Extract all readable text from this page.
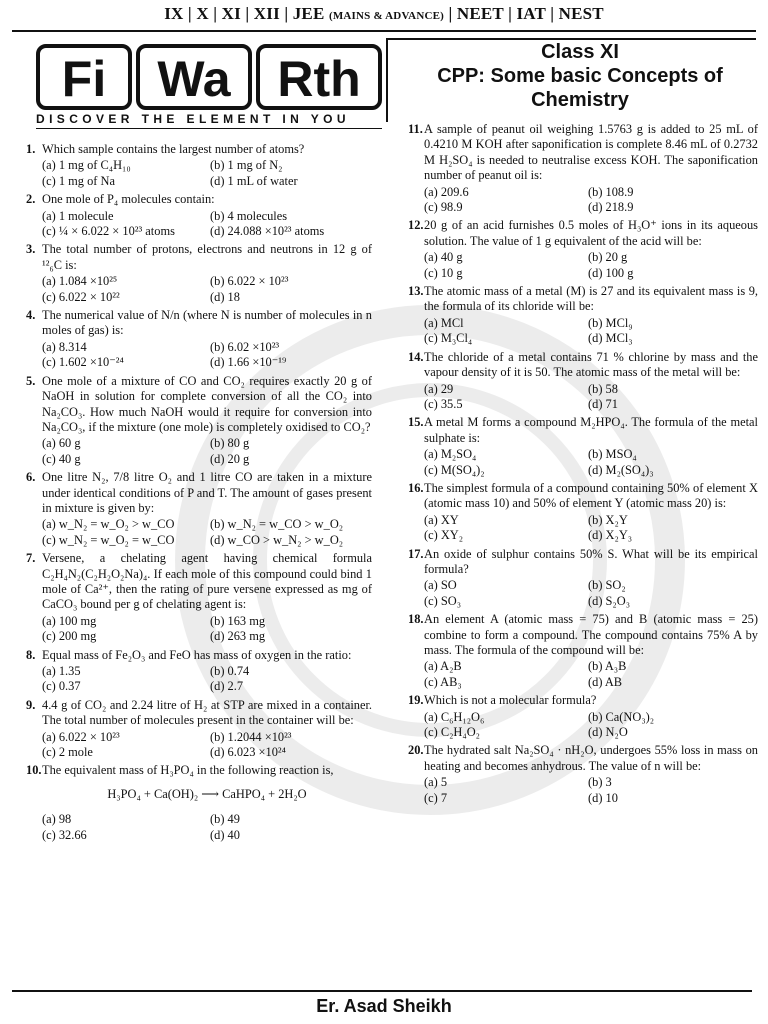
IX | X | XI | XII | JEE (MAINS & ADVANCE) | NEET | IAT | NEST
Fi Wa Rth
DISCOVER THE ELEMENT IN YOU
Class XI
CPP: Some basic Concepts of Chemistry
1. Which sample contains the largest number of atoms?
(a) 1 mg of C₄H₁₀	(b) 1 mg of N₂
(c) 1 mg of Na	(d) 1 mL of water
2. One mole of P₄ molecules contain:
(a) 1 molecule	(b) 4 molecules
(c) ¼ × 6.022 × 10²³ atoms	(d) 24.088 ×10²³ atoms
3. The total number of protons, electrons and neutrons in 12 g of ¹²₆C is:
(a) 1.084 ×10²⁵	(b) 6.022 × 10²³
(c) 6.022 × 10²²	(d) 18
4. The numerical value of N/n (where N is number of molecules in n moles of gas) is:
(a) 8.314	(b) 6.02 ×10²³
(c) 1.602 ×10⁻²⁴	(d) 1.66 ×10⁻¹⁹
5. One mole of a mixture of CO and CO₂ requires exactly 20 g of NaOH in solution for complete conversion of all the CO₂ into Na₂CO₃. How much NaOH would it require for conversion into Na₂CO₃, if the mixture (one mole) is completely oxidised to CO₂?
(a) 60 g	(b) 80 g
(c) 40 g	(d) 20 g
6. One litre N₂, 7/8 litre O₂ and 1 litre CO are taken in a mixture under identical conditions of P and T. The amount of gases present in mixture is given by:
(a) w_N₂ = w_O₂ > w_CO	(b) w_N₂ = w_CO > w_O₂
(c) w_N₂ = w_O₂ = w_CO	(d) w_CO > w_N₂ > w_O₂
7. Versene, a chelating agent having chemical formula C₂H₄N₂(C₂H₂O₂Na)₄. If each mole of this compound could bind 1 mole of Ca²⁺, then the rating of pure versene expressed as mg of CaCO₃ bound per g of chelating agent is:
(a) 100 mg	(b) 163 mg
(c) 200 mg	(d) 263 mg
8. Equal mass of Fe₂O₃ and FeO has mass of oxygen in the ratio:
(a) 1.35	(b) 0.74
(c) 0.37	(d) 2.7
9. 4.4 g of CO₂ and 2.24 litre of H₂ at STP are mixed in a container. The total number of molecules present in the container will be:
(a) 6.022 × 10²³	(b) 1.2044 ×10²³
(c) 2 mole	(d) 6.023 ×10²⁴
10. The equivalent mass of H₃PO₄ in the following reaction is,
H₃PO₄ + Ca(OH)₂ ⟶ CaHPO₄ + 2H₂O
(a) 98	(b) 49
(c) 32.66	(d) 40
11. A sample of peanut oil weighing 1.5763 g is added to 25 mL of 0.4210 M KOH after saponification is complete 8.46 mL of 0.2732 M H₂SO₄ is needed to neutralise excess KOH. The saponification number of peanut oil is:
(a) 209.6	(b) 108.9
(c) 98.9	(d) 218.9
12. 20 g of an acid furnishes 0.5 moles of H₃O⁺ ions in its aqueous solution. The value of 1 g equivalent of the acid will be:
(a) 40 g	(b) 20 g
(c) 10 g	(d) 100 g
13. The atomic mass of a metal (M) is 27 and its equivalent mass is 9, the formula of its chloride will be:
(a) MCl	(b) MCl₉
(c) M₃Cl₄	(d) MCl₃
14. The chloride of a metal contains 71 % chlorine by mass and the vapour density of it is 50. The atomic mass of the metal will be:
(a) 29	(b) 58
(c) 35.5	(d) 71
15. A metal M forms a compound M₂HPO₄. The formula of the metal sulphate is:
(a) M₂SO₄	(b) MSO₄
(c) M(SO₄)₂	(d) M₂(SO₄)₃
16. The simplest formula of a compound containing 50% of element X (atomic mass 10) and 50% of element Y (atomic mass 20) is:
(a) XY	(b) X₂Y
(c) XY₂	(d) X₂Y₃
17. An oxide of sulphur contains 50% S. What will be its empirical formula?
(a) SO	(b) SO₂
(c) SO₃	(d) S₂O₃
18. An element A (atomic mass = 75) and B (atomic mass = 25) combine to form a compound. The compound contains 75% A by mass. The formula of the compound will be:
(a) A₂B	(b) A₃B
(c) AB₃	(d) AB
19. Which is not a molecular formula?
(a) C₆H₁₂O₆	(b) Ca(NO₃)₂
(c) C₂H₄O₂	(d) N₂O
20. The hydrated salt Na₂SO₄ · nH₂O, undergoes 55% loss in mass on heating and becomes anhydrous. The value of n will be:
(a) 5	(b) 3
(c) 7	(d) 10
Er. Asad Sheikh
